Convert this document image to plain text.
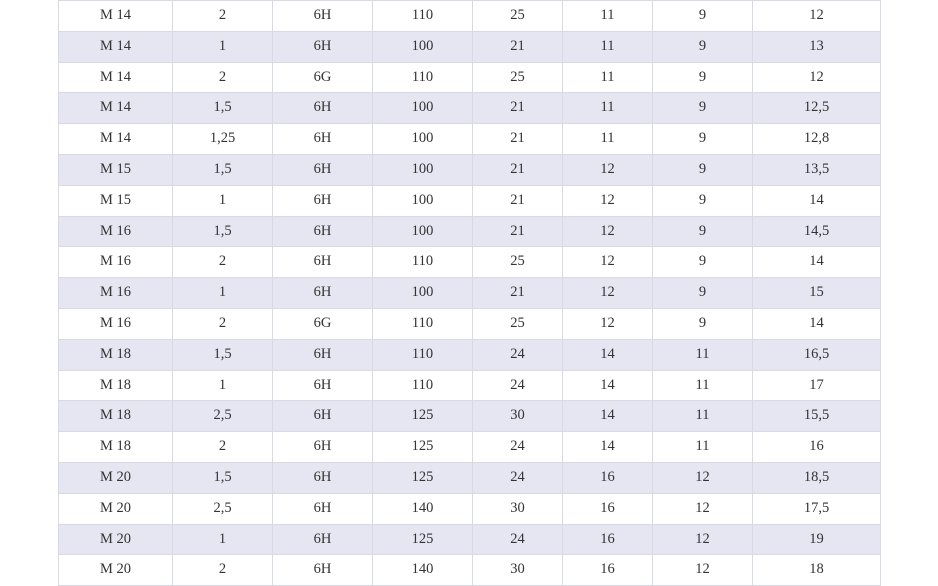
M 14	2	6H	110	25	11	9	12
M 14	1	6H	100	21	11	9	13
M 14	2	6G	110	25	11	9	12
M 14	1,5	6H	100	21	11	9	12,5
M 14	1,25	6H	100	21	11	9	12,8
M 15	1,5	6H	100	21	12	9	13,5
M 15	1	6H	100	21	12	9	14
M 16	1,5	6H	100	21	12	9	14,5
M 16	2	6H	110	25	12	9	14
M 16	1	6H	100	21	12	9	15
M 16	2	6G	110	25	12	9	14
M 18	1,5	6H	110	24	14	11	16,5
M 18	1	6H	110	24	14	11	17
M 18	2,5	6H	125	30	14	11	15,5
M 18	2	6H	125	24	14	11	16
M 20	1,5	6H	125	24	16	12	18,5
M 20	2,5	6H	140	30	16	12	17,5
M 20	1	6H	125	24	16	12	19
M 20	2	6H	140	30	16	12	18
